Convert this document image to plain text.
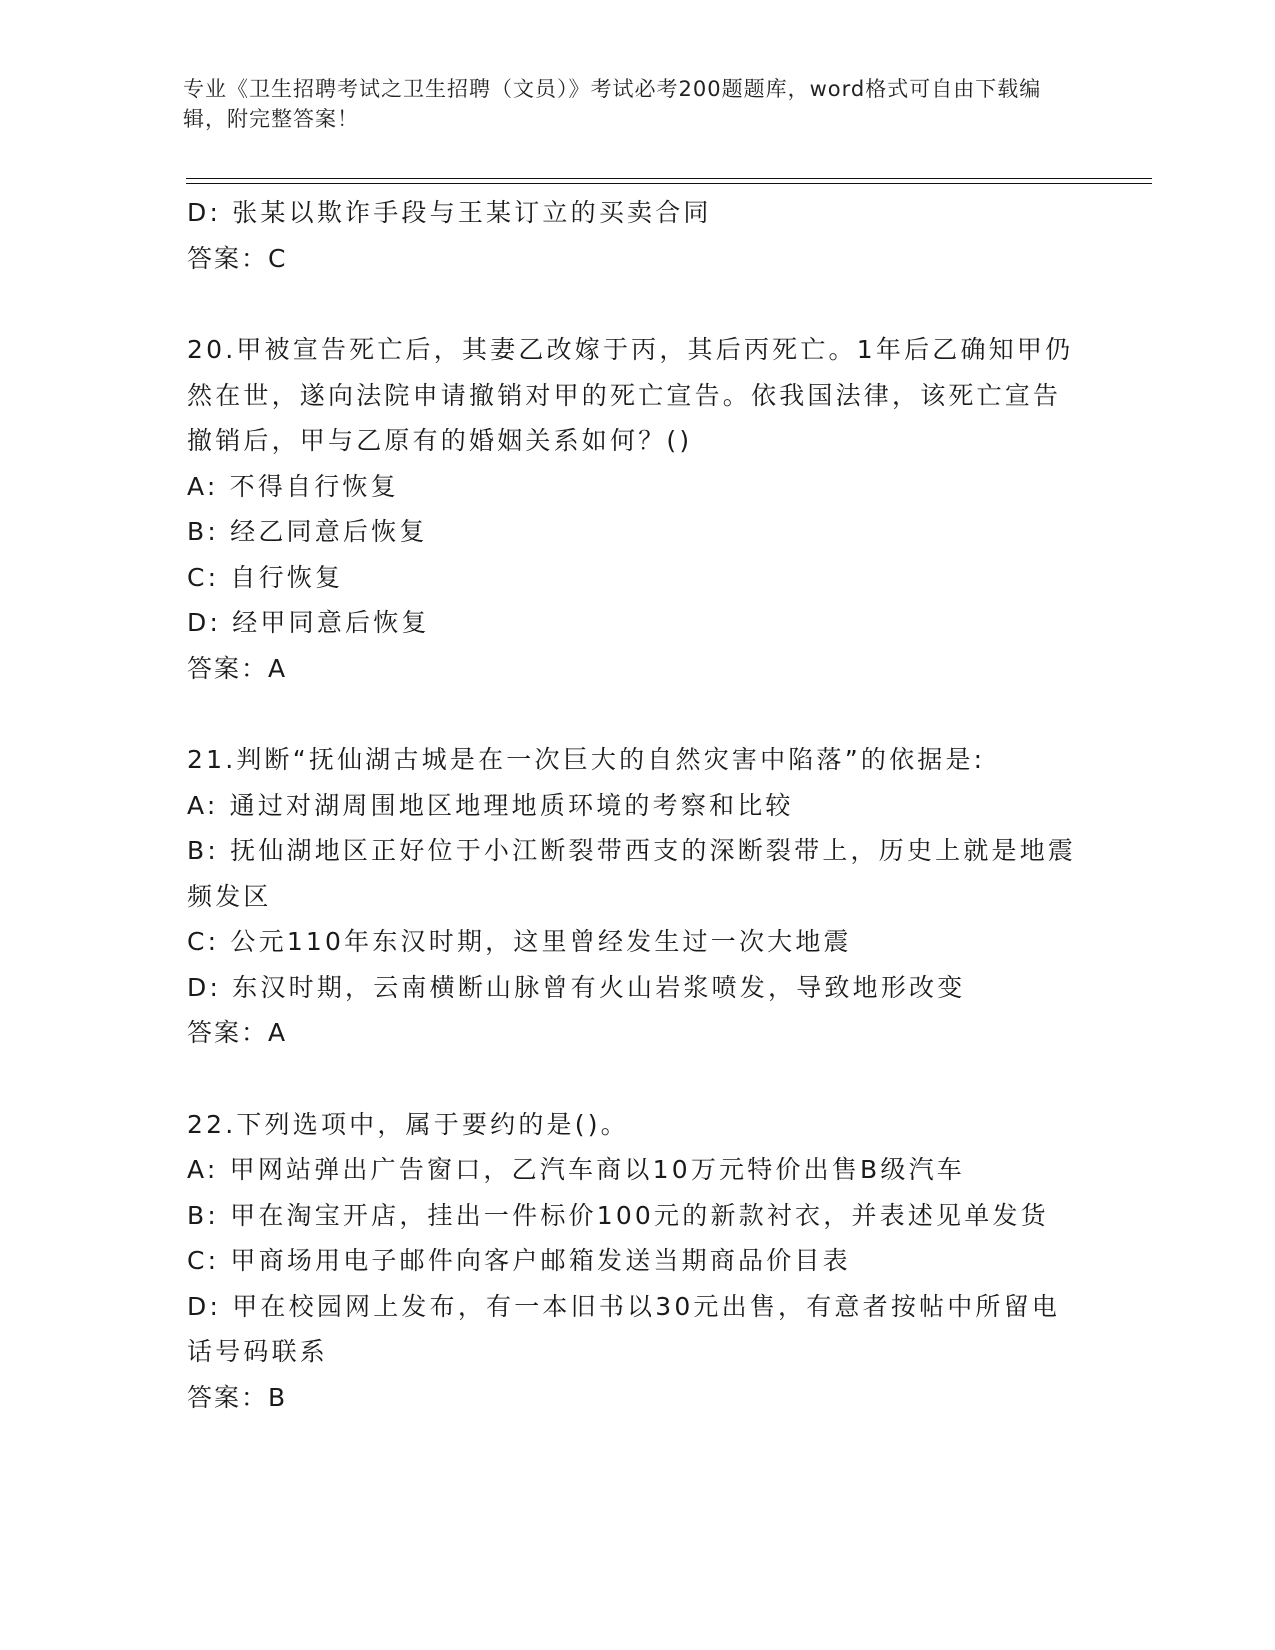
专业《卫生招聘考试之卫生招聘（文员）》考试必考200题题库，word格式可自由下载编辑，附完整答案！

D: 张某以欺诈手段与王某订立的买卖合同

答案：C

20.甲被宣告死亡后，其妻乙改嫁于丙，其后丙死亡。1年后乙确知甲仍然在世，遂向法院申请撤销对甲的死亡宣告。依我国法律，该死亡宣告撤销后，甲与乙原有的婚姻关系如何？()

A: 不得自行恢复

B: 经乙同意后恢复

C: 自行恢复

D: 经甲同意后恢复

答案：A

21.判断“抚仙湖古城是在一次巨大的自然灾害中陷落”的依据是:

A: 通过对湖周围地区地理地质环境的考察和比较

B: 抚仙湖地区正好位于小江断裂带西支的深断裂带上，历史上就是地震频发区

C: 公元110年东汉时期，这里曾经发生过一次大地震

D: 东汉时期，云南横断山脉曾有火山岩浆喷发，导致地形改变

答案：A

22.下列选项中，属于要约的是()。

A: 甲网站弹出广告窗口，乙汽车商以10万元特价出售B级汽车

B: 甲在淘宝开店，挂出一件标价100元的新款衬衣，并表述见单发货

C: 甲商场用电子邮件向客户邮箱发送当期商品价目表

D: 甲在校园网上发布，有一本旧书以30元出售，有意者按帖中所留电话号码联系

答案：B
